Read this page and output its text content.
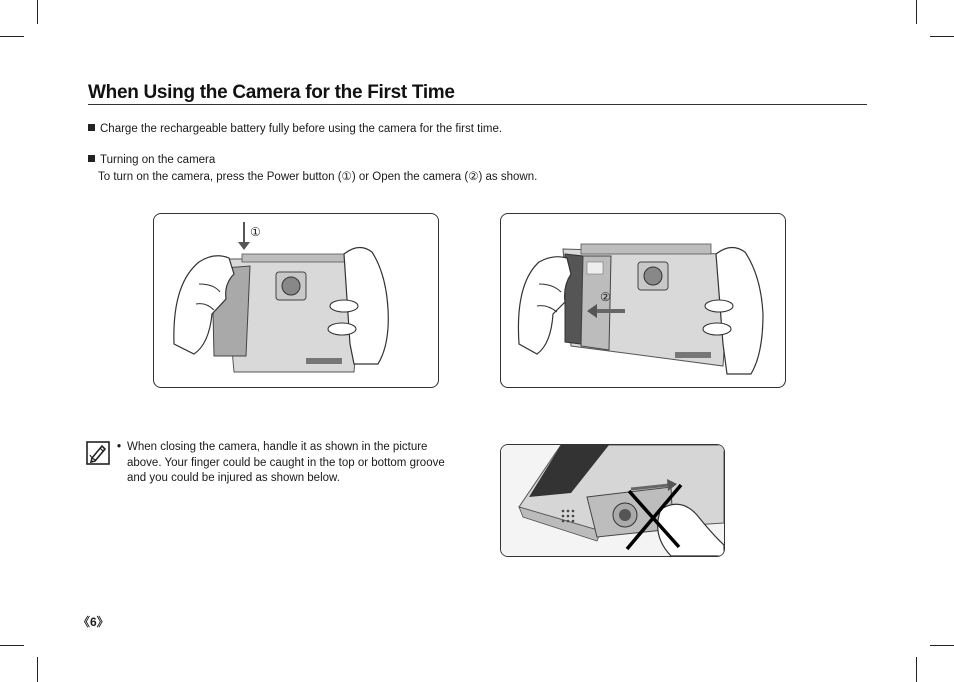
When Using the Camera for the First Time
Charge the rechargeable battery fully before using the camera for the first time.
Turning on the camera
To turn on the camera, press the Power button (①) or Open the camera (②) as shown.
①
②
• When closing the camera, handle it as shown in the picture
above. Your finger could be caught in the top or bottom groove
and you could be injured as shown below.
《6》
